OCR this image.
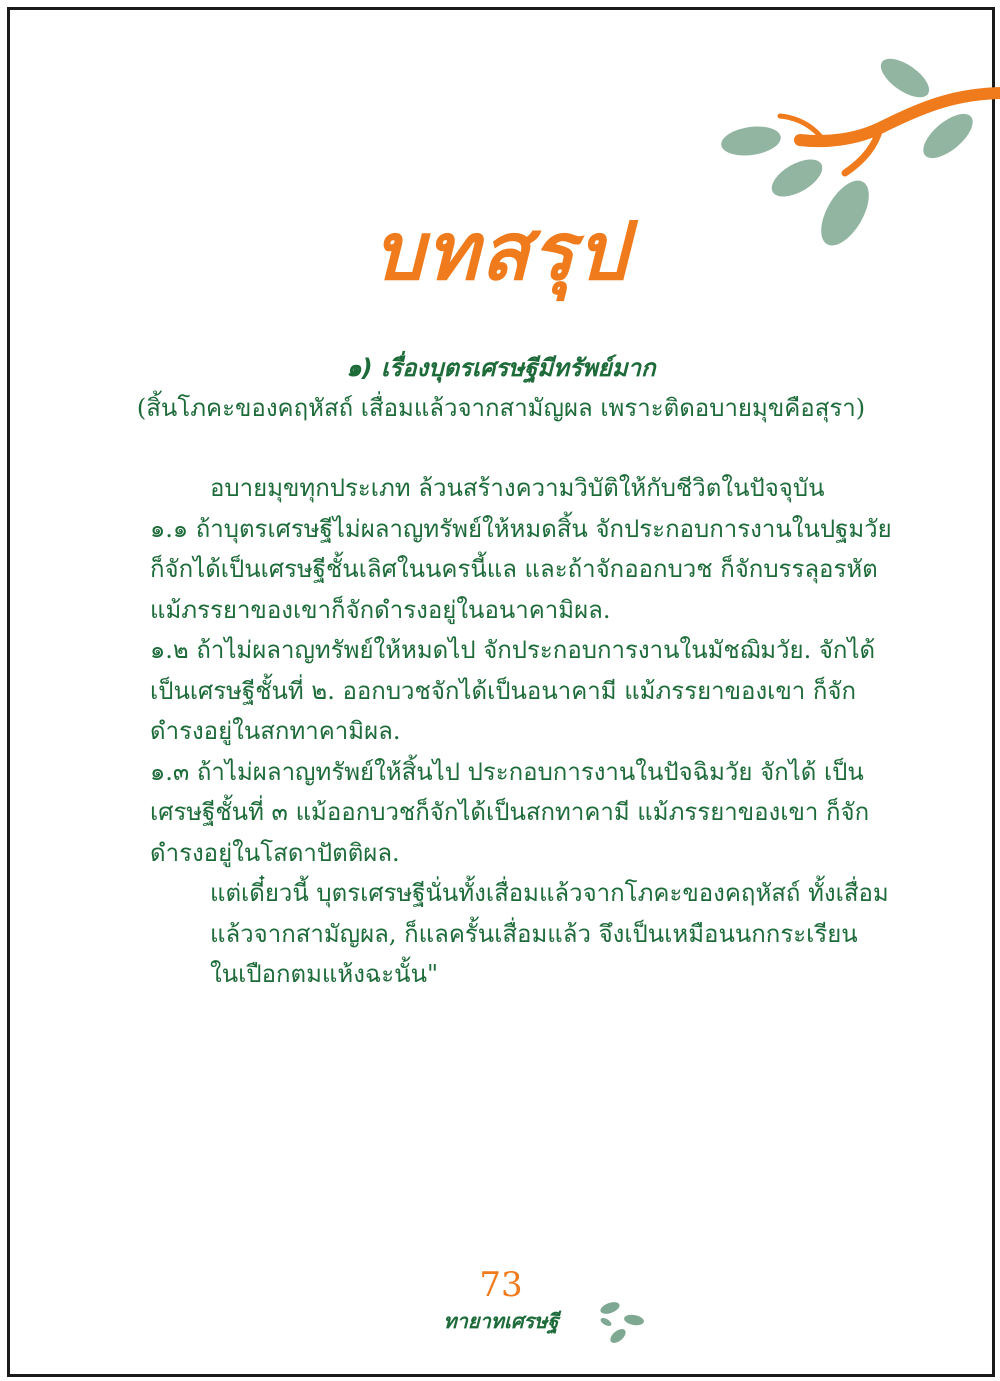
บทสรุป
๑) เรื่องบุตรเศรษฐีมีทรัพย์มาก
(สิ้นโภคะของคฤหัสถ์ เสื่อมแล้วจากสามัญผล เพราะติดอบายมุขคือสุรา)

อบายมุขทุกประเภท ล้วนสร้างความวิบัติให้กับชีวิตในปัจจุบัน

๑.๑ ถ้าบุตรเศรษฐีไม่ผลาญทรัพย์ให้หมดสิ้น จักประกอบการงานในปฐมวัย ก็จักได้เป็นเศรษฐีชั้นเลิศในนครนี้แล และถ้าจักออกบวช ก็จักบรรลุอรหัต แม้ภรรยาของเขาก็จักดำรงอยู่ในอนาคามิผล.

๑.๒ ถ้าไม่ผลาญทรัพย์ให้หมดไป จักประกอบการงานในมัชฌิมวัย. จักได้เป็นเศรษฐีชั้นที่ ๒. ออกบวชจักได้เป็นอนาคามี แม้ภรรยาของเขา ก็จักดำรงอยู่ในสกทาคามิผล.

๑.๓ ถ้าไม่ผลาญทรัพย์ให้สิ้นไป ประกอบการงานในปัจฉิมวัย จักได้ เป็นเศรษฐีชั้นที่ ๓ แม้ออกบวชก็จักได้เป็นสกทาคามี แม้ภรรยาของเขา ก็จักดำรงอยู่ในโสดาปัตติผล.

แต่เดี๋ยวนี้ บุตรเศรษฐีนั่นทั้งเสื่อมแล้วจากโภคะของคฤหัสถ์ ทั้งเสื่อมแล้วจากสามัญผล, ก็แลครั้นเสื่อมแล้ว จึงเป็นเหมือนนกกระเรียน ในเปือกตมแห้งฉะนั้น"

73
ทายาทเศรษฐี
